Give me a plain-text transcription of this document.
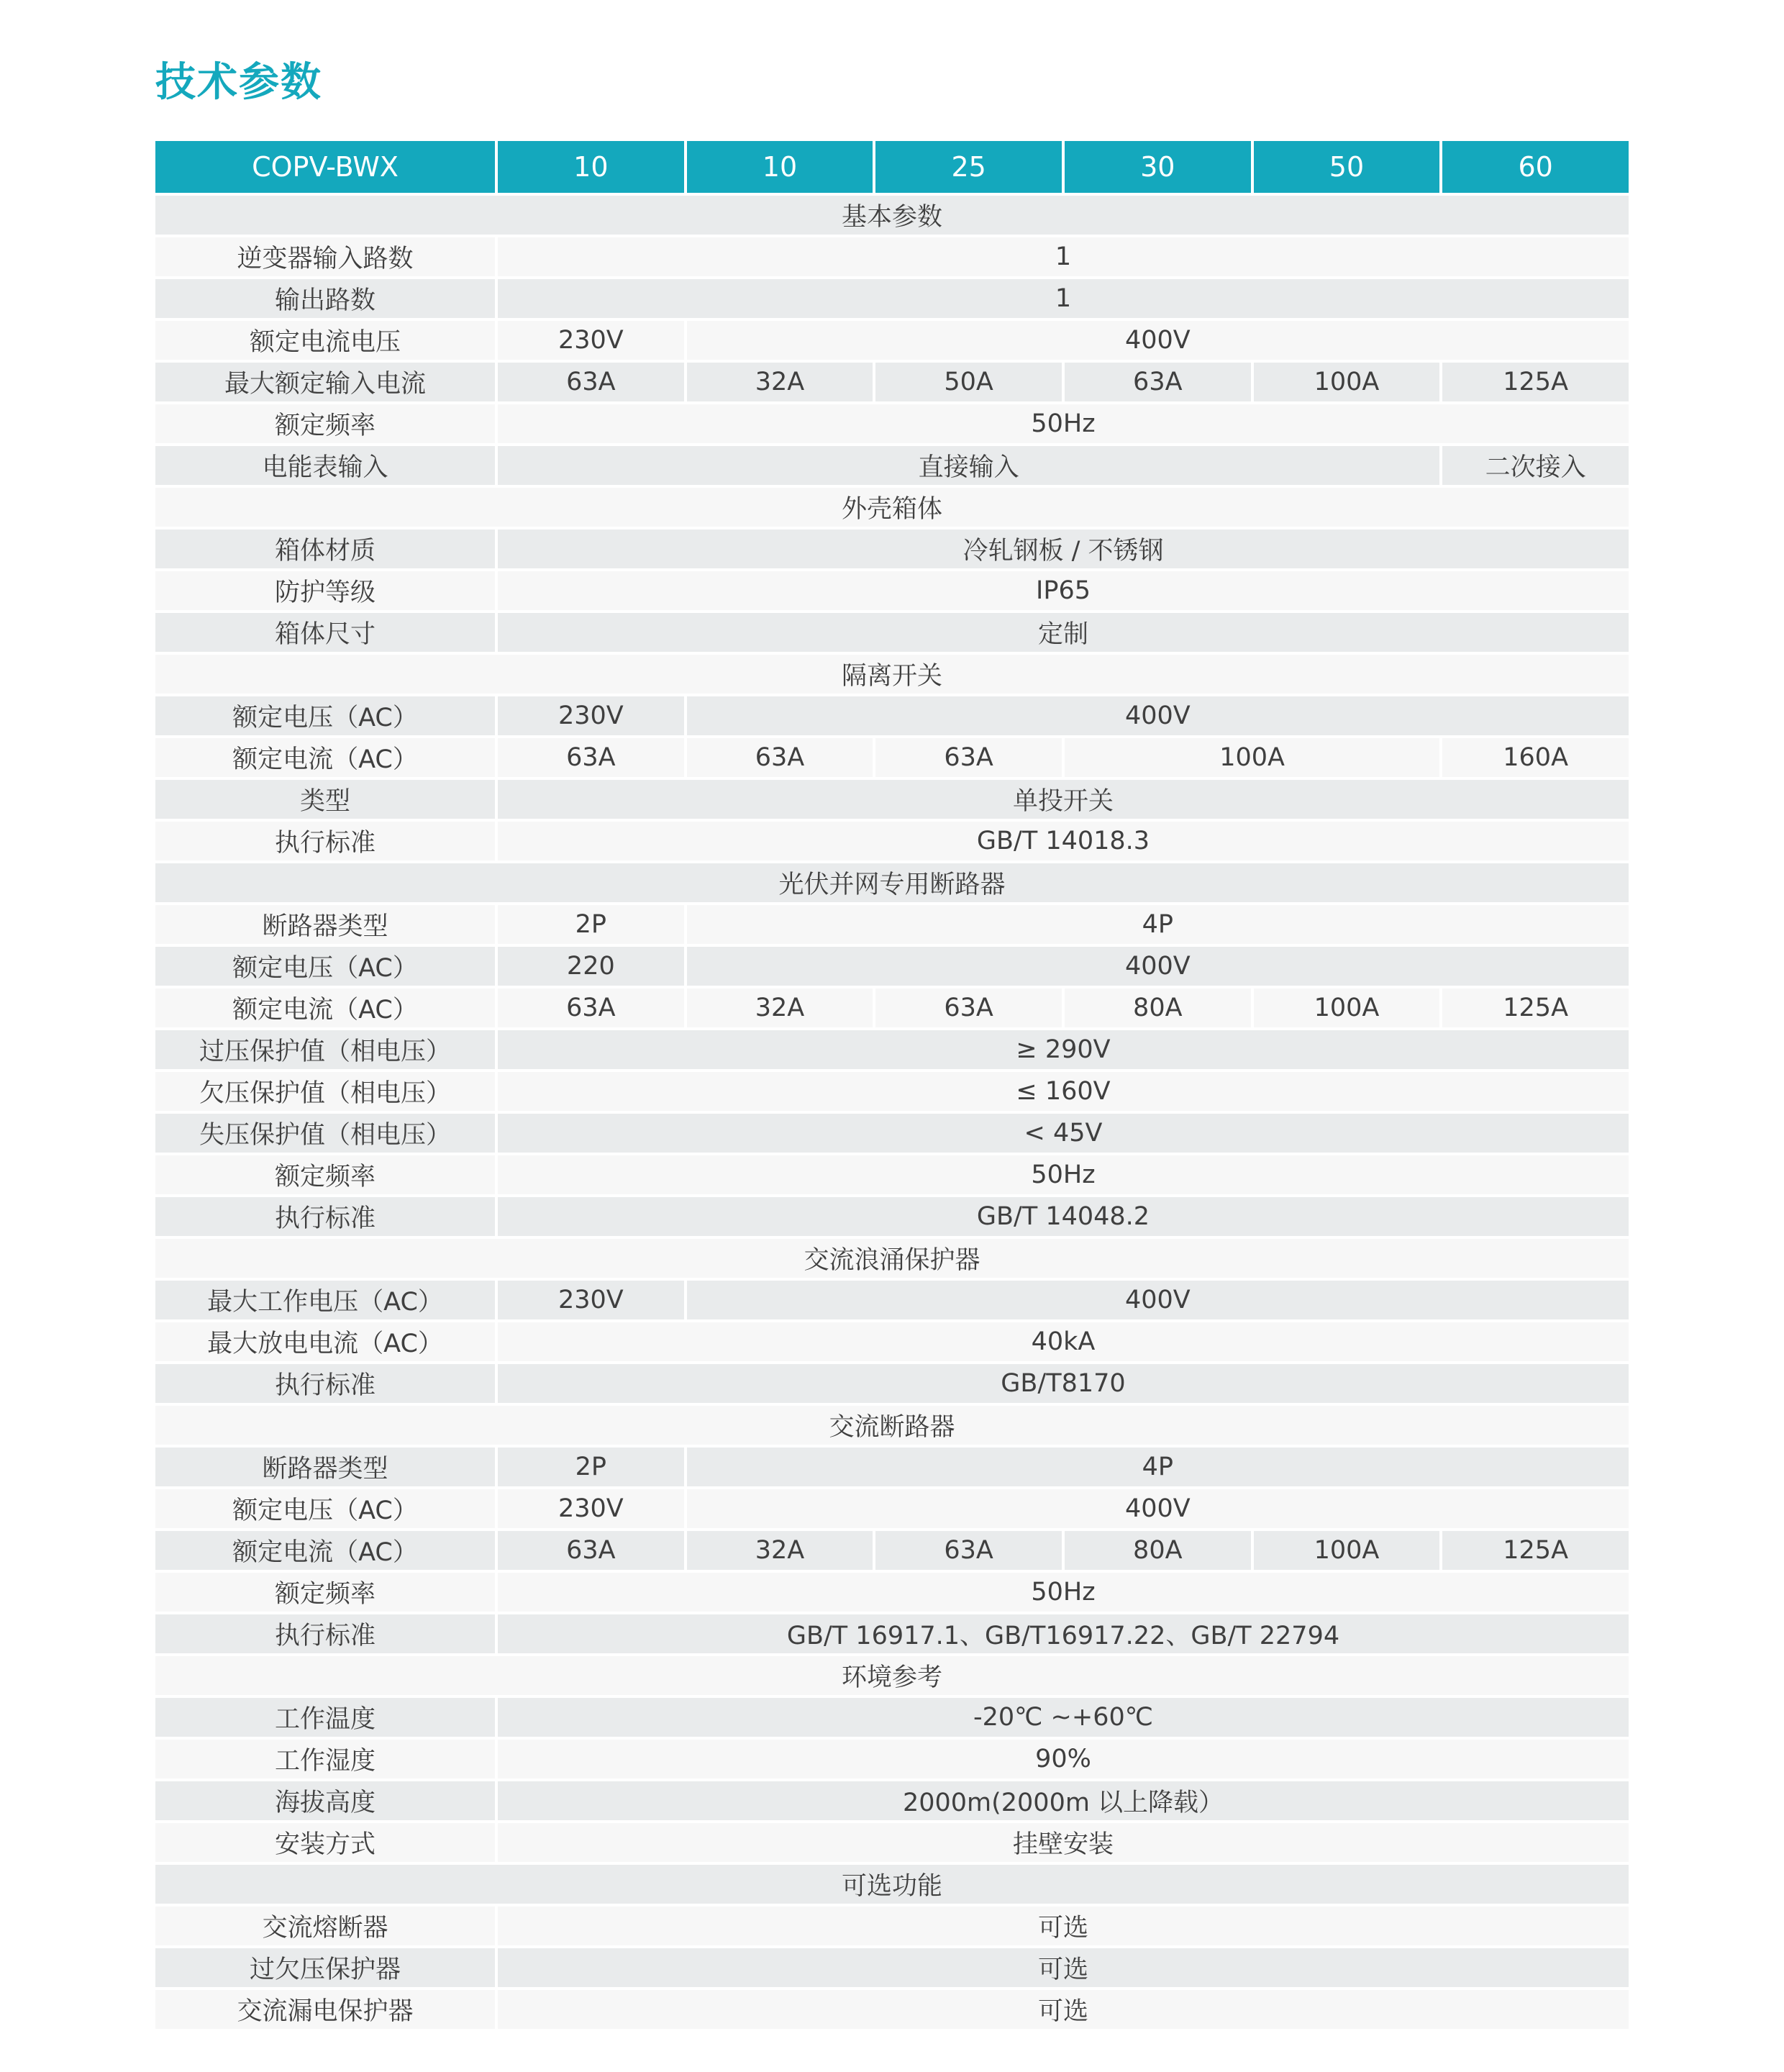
技术参数
COPV-BWX	10	10	25	30	50	60
基本参数						
逆变器输入路数	1					
输出路数	1					
额定电流电压	230V	400V				
最大额定输入电流	63A	32A	50A	63A	100A	125A
额定频率	50Hz					
电能表输入	直接输入					二次接入
外壳箱体						
箱体材质	冷轧钢板 / 不锈钢					
防护等级	IP65					
箱体尺寸	定制					
隔离开关						
额定电压（AC）	230V	400V				
额定电流（AC）	63A	63A	63A	100A		160A
类型	单投开关					
执行标准	GB/T 14018.3					
光伏并网专用断路器						
断路器类型	2P	4P				
额定电压（AC）	220	400V				
额定电流（AC）	63A	32A	63A	80A	100A	125A
过压保护值（相电压）	≥ 290V					
欠压保护值（相电压）	≤ 160V					
失压保护值（相电压）	< 45V					
额定频率	50Hz					
执行标准	GB/T 14048.2					
交流浪涌保护器						
最大工作电压（AC）	230V	400V				
最大放电电流（AC）	40kA					
执行标准	GB/T8170					
交流断路器						
断路器类型	2P	4P				
额定电压（AC）	230V	400V				
额定电流（AC）	63A	32A	63A	80A	100A	125A
额定频率	50Hz					
执行标准	GB/T 16917.1、GB/T16917.22、GB/T 22794					
环境参考						
工作温度	-20℃ ~+60℃					
工作湿度	90%					
海拔高度	2000m(2000m 以上降载）					
安装方式	挂壁安装					
可选功能						
交流熔断器	可选					
过欠压保护器	可选					
交流漏电保护器	可选					
